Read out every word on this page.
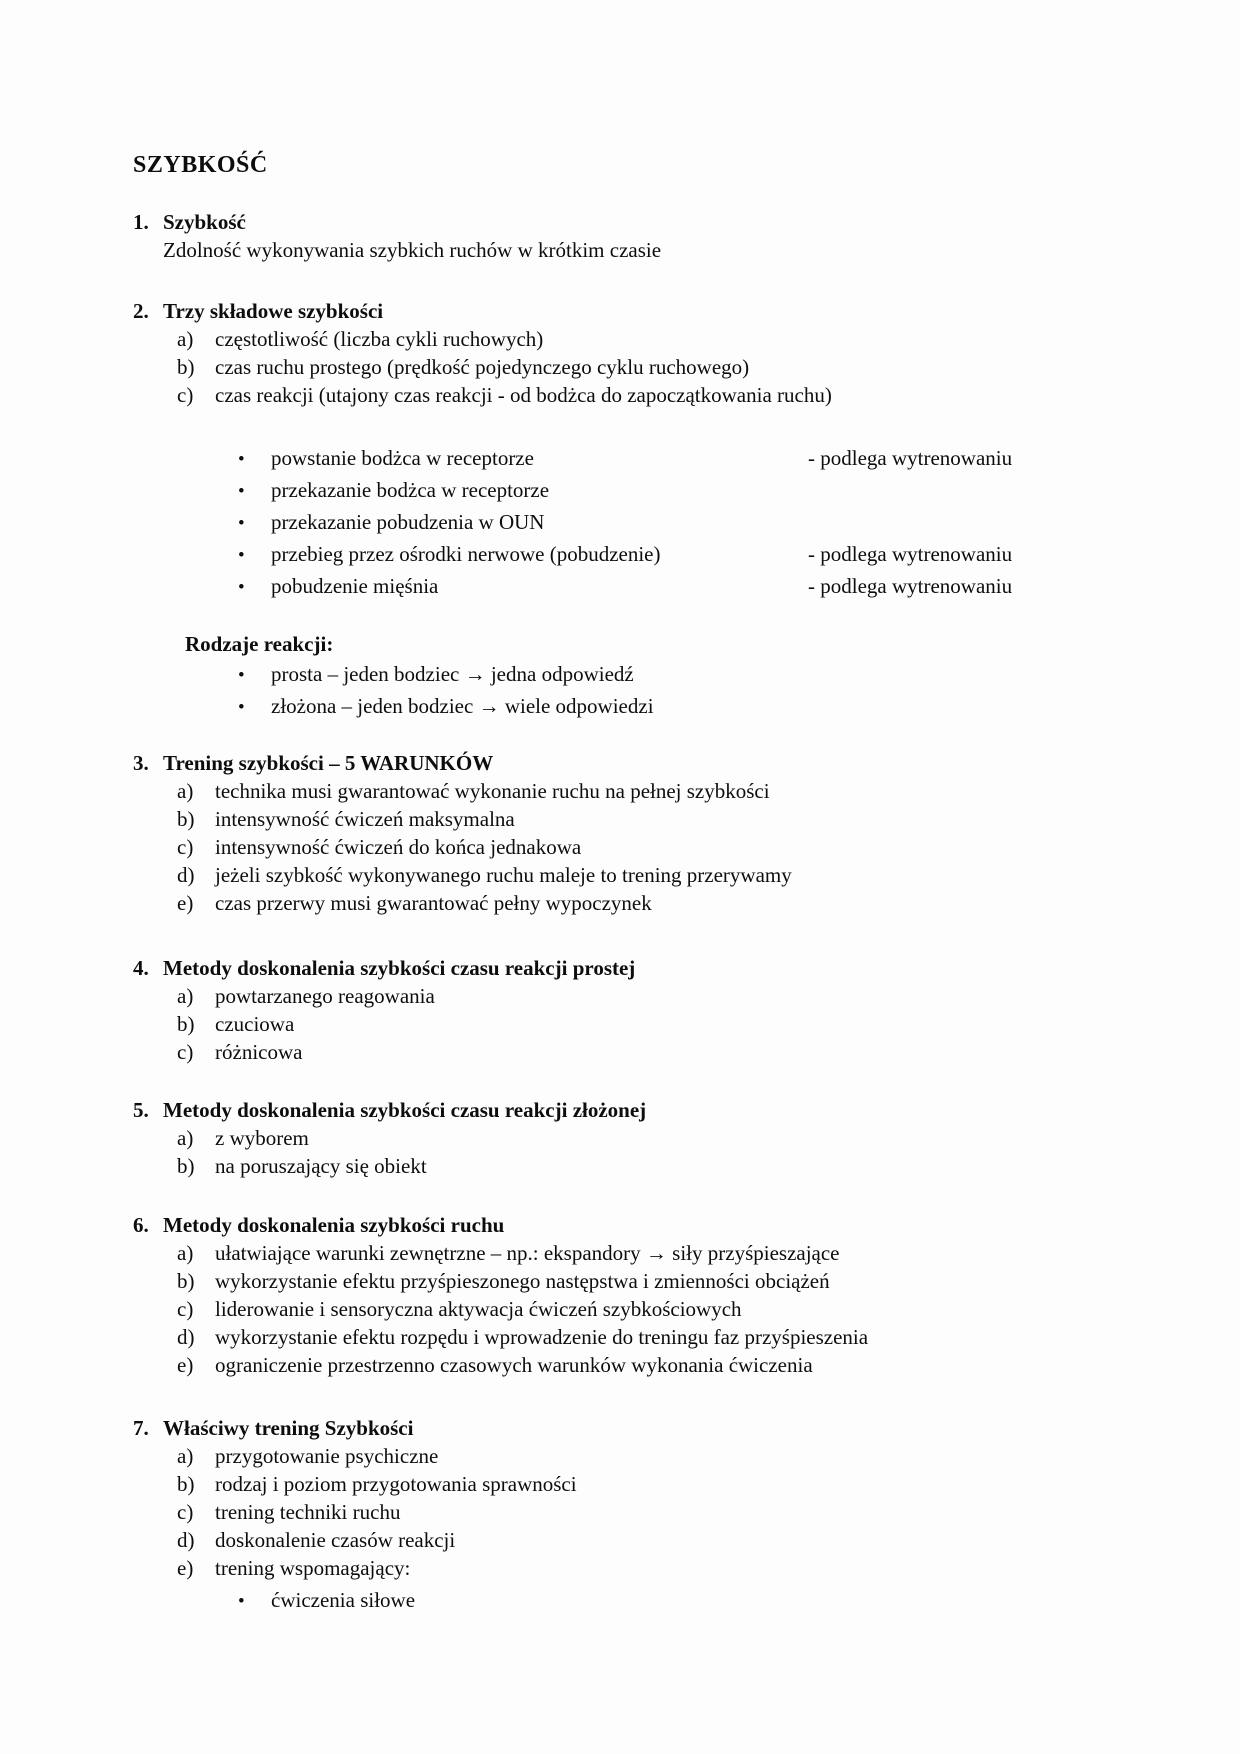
SZYBKOŚĆ
1. Szybkość
Zdolność wykonywania szybkich ruchów w krótkim czasie
2. Trzy składowe szybkości
a) częstotliwość (liczba cykli ruchowych)
b) czas ruchu prostego (prędkość pojedynczego cyklu ruchowego)
c) czas reakcji (utajony czas reakcji - od bodżca do zapoczątkowania ruchu)
•powstanie bodżca w receptorze	- podlega wytrenowaniu
•przekazanie bodżca w receptorze
•przekazanie pobudzenia w OUN
•przebieg przez ośrodki nerwowe (pobudzenie)	- podlega wytrenowaniu
•pobudzenie mięśnia	- podlega wytrenowaniu
Rodzaje reakcji:
•prosta – jeden bodziec → jedna odpowiedź
•złożona – jeden bodziec → wiele odpowiedzi
3. Trening szybkości – 5 WARUNKÓW
a) technika musi gwarantować wykonanie ruchu na pełnej szybkości
b) intensywność ćwiczeń maksymalna
c) intensywność ćwiczeń do końca jednakowa
d) jeżeli szybkość wykonywanego ruchu maleje to trening przerywamy
e) czas przerwy musi gwarantować pełny wypoczynek
4. Metody doskonalenia szybkości czasu reakcji prostej
a) powtarzanego reagowania
b) czuciowa
c) różnicowa
5. Metody doskonalenia szybkości czasu reakcji złożonej
a) z wyborem
b) na poruszający się obiekt
6. Metody doskonalenia szybkości ruchu
a) ułatwiające warunki zewnętrzne – np.: ekspandory → siły przyśpieszające
b) wykorzystanie efektu przyśpieszonego następstwa i zmienności obciążeń
c) liderowanie i sensoryczna aktywacja ćwiczeń szybkościowych
d) wykorzystanie efektu rozpędu i wprowadzenie do treningu faz przyśpieszenia
e) ograniczenie przestrzenno czasowych warunków wykonania ćwiczenia
7. Właściwy trening Szybkości
a) przygotowanie psychiczne
b) rodzaj i poziom przygotowania sprawności
c) trening techniki ruchu
d) doskonalenie czasów reakcji
e) trening wspomagający:
•ćwiczenia siłowe
